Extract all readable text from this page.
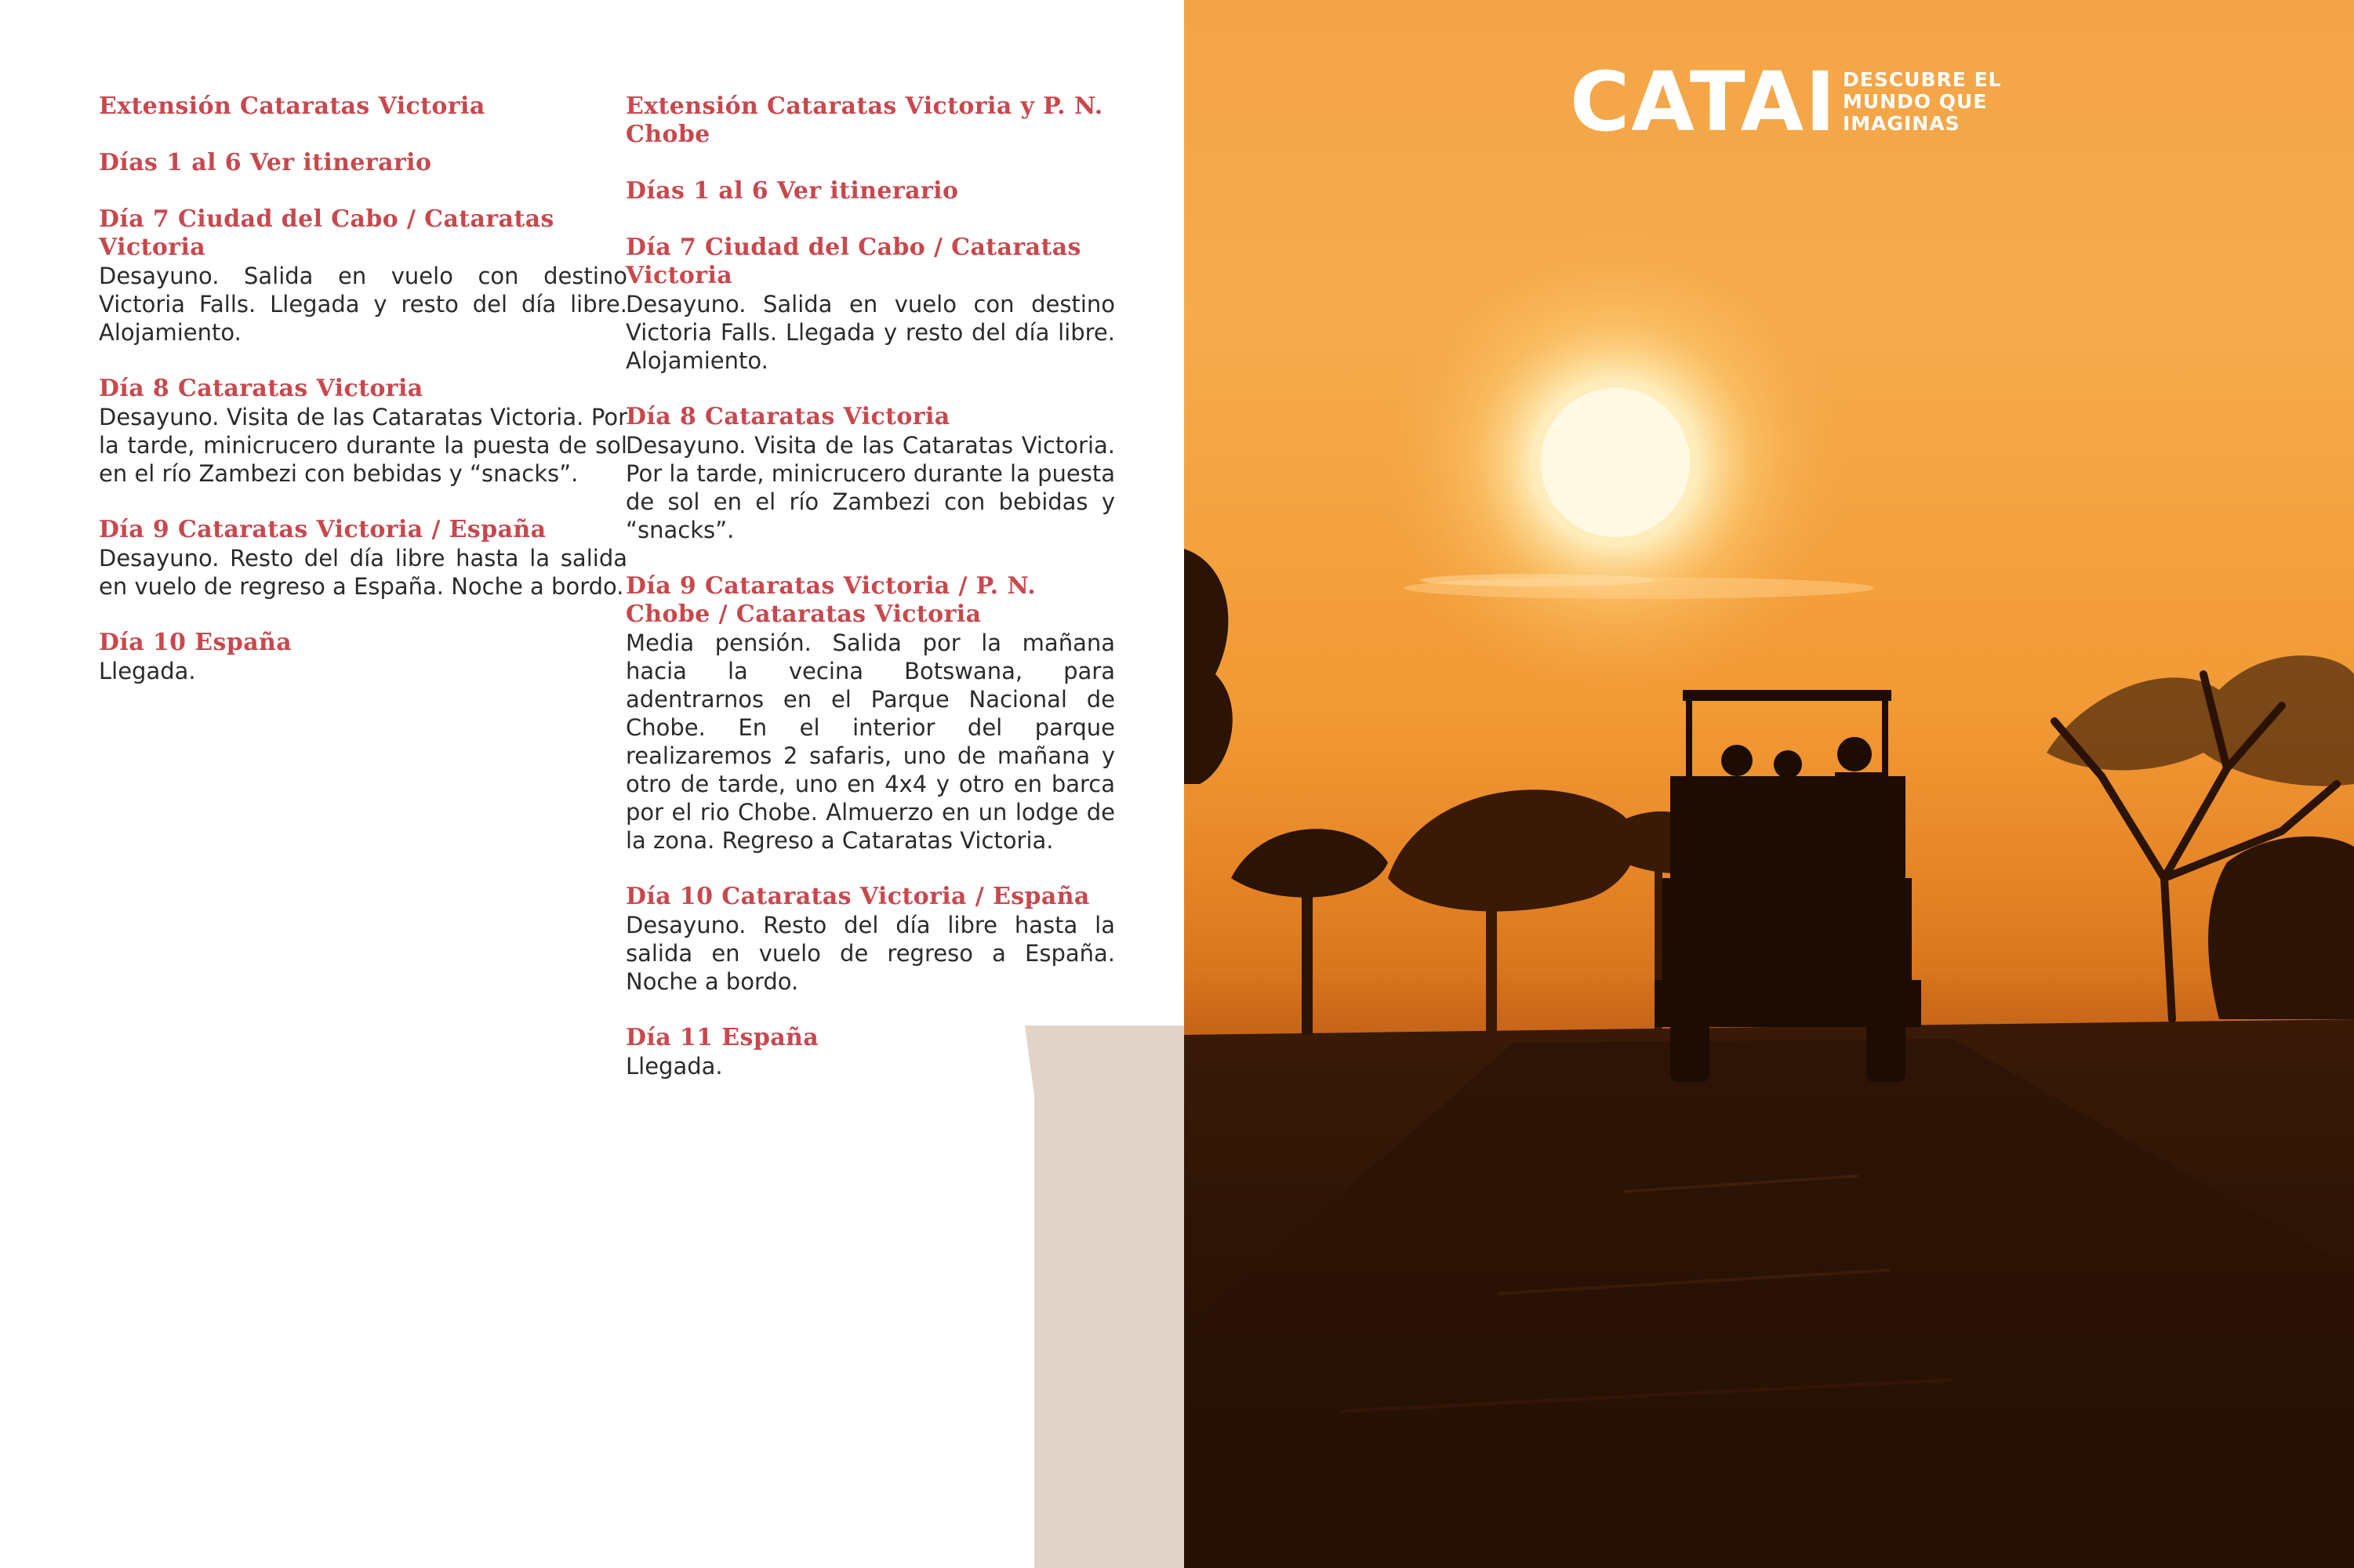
Extensión Cataratas Victoria

Días 1 al 6 Ver itinerario

Día 7 Ciudad del Cabo / Cataratas Victoria

Desayuno. Salida en vuelo con destino Victoria Falls. Llegada y resto del día libre. Alojamiento.

Día 8 Cataratas Victoria

Desayuno. Visita de las Cataratas Victoria. Por la tarde, minicrucero durante la puesta de sol en el río Zambezi con bebidas y “snacks”.

Día 9 Cataratas Victoria / España

Desayuno. Resto del día libre hasta la salida en vuelo de regreso a España. Noche a bordo.

Día 10 España

Llegada.

Extensión Cataratas Victoria y P. N. Chobe

Días 1 al 6 Ver itinerario

Día 7 Ciudad del Cabo / Cataratas Victoria

Desayuno. Salida en vuelo con destino Victoria Falls. Llegada y resto del día libre. Alojamiento.

Día 8 Cataratas Victoria

Desayuno. Visita de las Cataratas Victoria. Por la tarde, minicrucero durante la puesta de sol en el río Zambezi con bebidas y “snacks”.

Día 9 Cataratas Victoria / P. N. Chobe / Cataratas Victoria

Media pensión. Salida por la mañana hacia la vecina Botswana, para adentrarnos en el Parque Nacional de Chobe. En el interior del parque realizaremos 2 safaris, uno de mañana y otro de tarde, uno en 4x4 y otro en barca por el rio Chobe. Almuerzo en un lodge de la zona. Regreso a Cataratas Victoria.

Día 10 Cataratas Victoria / España

Desayuno. Resto del día libre hasta la salida en vuelo de regreso a España. Noche a bordo.

Día 11 España

Llegada.

CATAI DESCUBRE EL
MUNDO QUE
IMAGINAS
